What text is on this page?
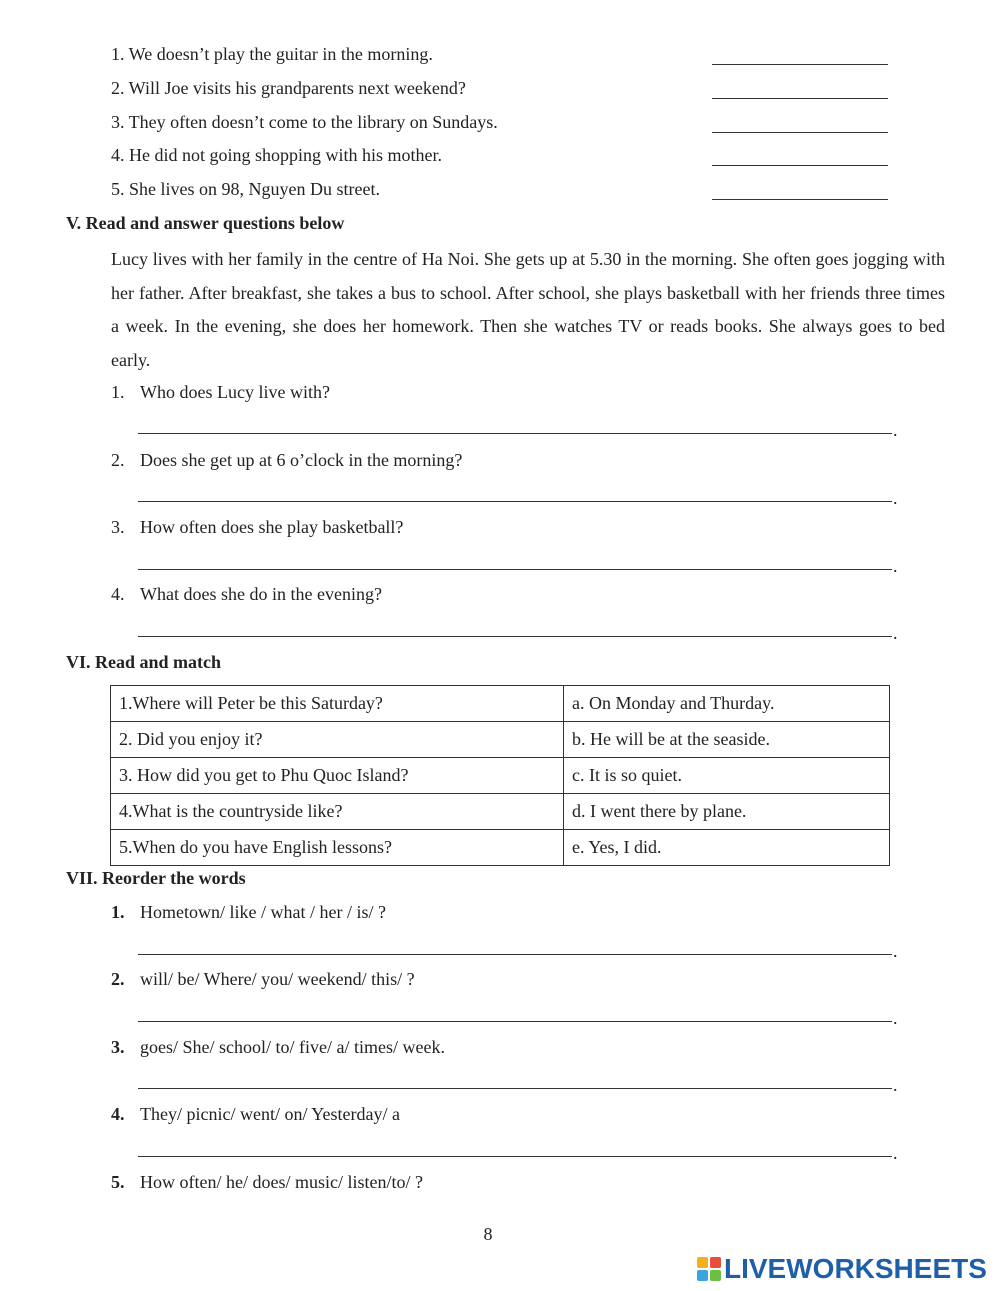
1. We doesn’t play the guitar in the morning.
2. Will Joe visits his grandparents next weekend?
3. They often doesn’t come to the library on Sundays.
4. He did not going shopping with his mother.
5. She lives on 98, Nguyen Du street.
V. Read and answer questions below
Lucy lives with her family in the centre of Ha Noi. She gets up at 5.30 in the morning. She often goes jogging with her father. After breakfast, she takes a bus to school. After school, she plays basketball with her friends three times a week. In the evening, she does her homework. Then she watches TV or reads books. She always goes to bed early.
1. Who does Lucy live with?
.
2. Does she get up at 6 o’clock in the morning?
.
3. How often does she play basketball?
.
4. What does she do in the evening?
.
VI. Read and match
1.Where will Peter be this Saturday?	a. On Monday and Thurday.
2. Did you enjoy it?	b. He will be at the seaside.
3. How did you get to Phu Quoc Island?	c. It is so quiet.
4.What is the countryside like?	d. I went there by plane.
5.When do you have English lessons?	e. Yes, I did.
VII. Reorder the words
1. Hometown/ like / what / her / is/ ?
.
2. will/ be/ Where/ you/ weekend/ this/ ?
.
3. goes/ She/ school/ to/ five/ a/ times/ week.
.
4. They/ picnic/ went/ on/ Yesterday/ a
.
5. How often/ he/ does/ music/ listen/to/ ?
8
LIVEWORKSHEETS
